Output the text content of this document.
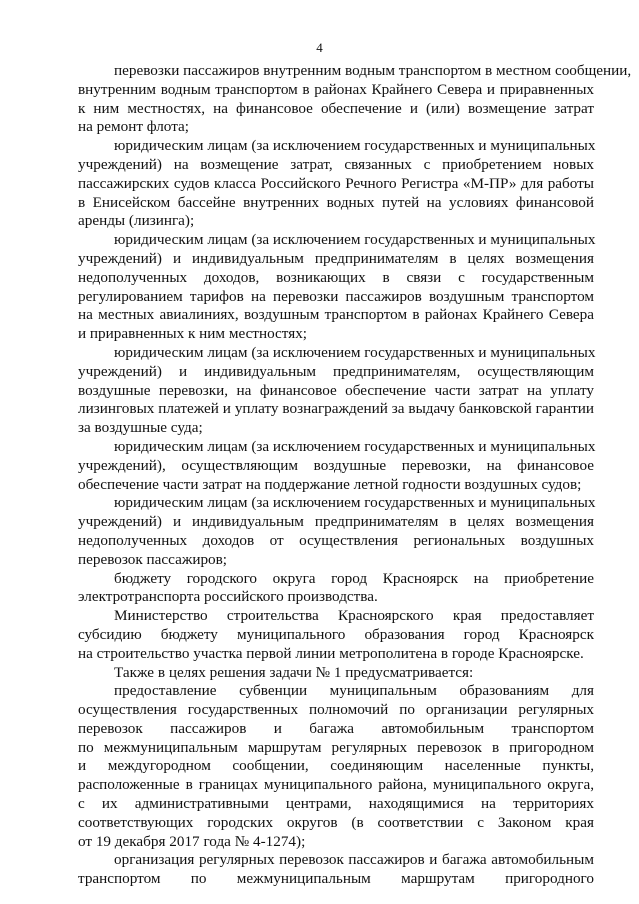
4
перевозки пассажиров внутренним водным транспортом в местном сообщении,
внутренним водным транспортом в районах Крайнего Севера и приравненных
к ним местностях, на финансовое обеспечение и (или) возмещение затрат
на ремонт флота;
юридическим лицам (за исключением государственных и муниципальных
учреждений) на возмещение затрат, связанных с приобретением новых
пассажирских судов класса Российского Речного Регистра «М-ПР» для работы
в Енисейском бассейне внутренних водных путей на условиях финансовой
аренды (лизинга);
юридическим лицам (за исключением государственных и муниципальных
учреждений) и индивидуальным предпринимателям в целях возмещения
недополученных доходов, возникающих в связи с государственным
регулированием тарифов на перевозки пассажиров воздушным транспортом
на местных авиалиниях, воздушным транспортом в районах Крайнего Севера
и приравненных к ним местностях;
юридическим лицам (за исключением государственных и муниципальных
учреждений) и индивидуальным предпринимателям, осуществляющим
воздушные перевозки, на финансовое обеспечение части затрат на уплату
лизинговых платежей и уплату вознаграждений за выдачу банковской гарантии
за воздушные суда;
юридическим лицам (за исключением государственных и муниципальных
учреждений), осуществляющим воздушные перевозки, на финансовое
обеспечение части затрат на поддержание летной годности воздушных судов;
юридическим лицам (за исключением государственных и муниципальных
учреждений) и индивидуальным предпринимателям в целях возмещения
недополученных доходов от осуществления региональных воздушных
перевозок пассажиров;
бюджету городского округа город Красноярск на приобретение
электротранспорта российского производства.
Министерство строительства Красноярского края предоставляет
субсидию бюджету муниципального образования город Красноярск
на строительство участка первой линии метрополитена в городе Красноярске.
Также в целях решения задачи № 1 предусматривается:
предоставление субвенции муниципальным образованиям для
осуществления государственных полномочий по организации регулярных
перевозок пассажиров и багажа автомобильным транспортом
по межмуниципальным маршрутам регулярных перевозок в пригородном
и междугородном сообщении, соединяющим населенные пункты,
расположенные в границах муниципального района, муниципального округа,
с их административными центрами, находящимися на территориях
соответствующих городских округов (в соответствии с Законом края
от 19 декабря 2017 года № 4-1274);
организация регулярных перевозок пассажиров и багажа автомобильным
транспортом по межмуниципальным маршрутам пригородного
